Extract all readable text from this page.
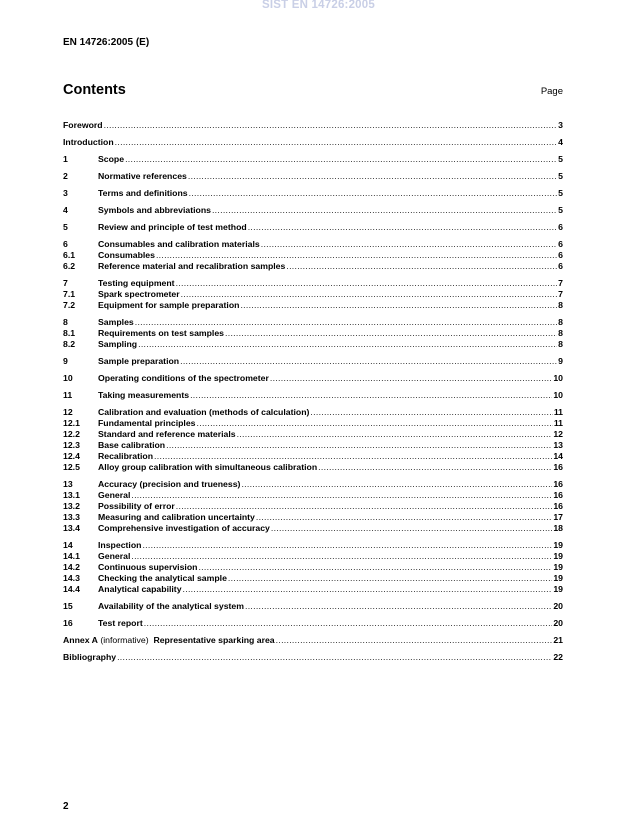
SIST EN 14726:2005
EN 14726:2005 (E)
Contents	Page
Foreword .....	3
Introduction .....	4
1	Scope .....	5
2	Normative references .....	5
3	Terms and definitions .....	5
4	Symbols and abbreviations .....	5
5	Review and principle of test method .....	6
6	Consumables and calibration materials .....	6
6.1	Consumables .....	6
6.2	Reference material and recalibration samples .....	6
7	Testing equipment .....	7
7.1	Spark spectrometer .....	7
7.2	Equipment for sample preparation .....	8
8	Samples .....	8
8.1	Requirements on test samples .....	8
8.2	Sampling .....	8
9	Sample preparation .....	9
10	Operating conditions of the spectrometer .....	10
11	Taking measurements .....	10
12	Calibration and evaluation (methods of calculation) .....	11
12.1	Fundamental principles .....	11
12.2	Standard and reference materials .....	12
12.3	Base calibration .....	13
12.4	Recalibration .....	14
12.5	Alloy group calibration with simultaneous calibration .....	16
13	Accuracy (precision and trueness) .....	16
13.1	General .....	16
13.2	Possibility of error .....	16
13.3	Measuring and calibration uncertainty .....	17
13.4	Comprehensive investigation of accuracy .....	18
14	Inspection .....	19
14.1	General .....	19
14.2	Continuous supervision .....	19
14.3	Checking the analytical sample .....	19
14.4	Analytical capability .....	19
15	Availability of the analytical system .....	20
16	Test report .....	20
Annex A (informative)  Representative sparking area .....	21
Bibliography .....	22
2
